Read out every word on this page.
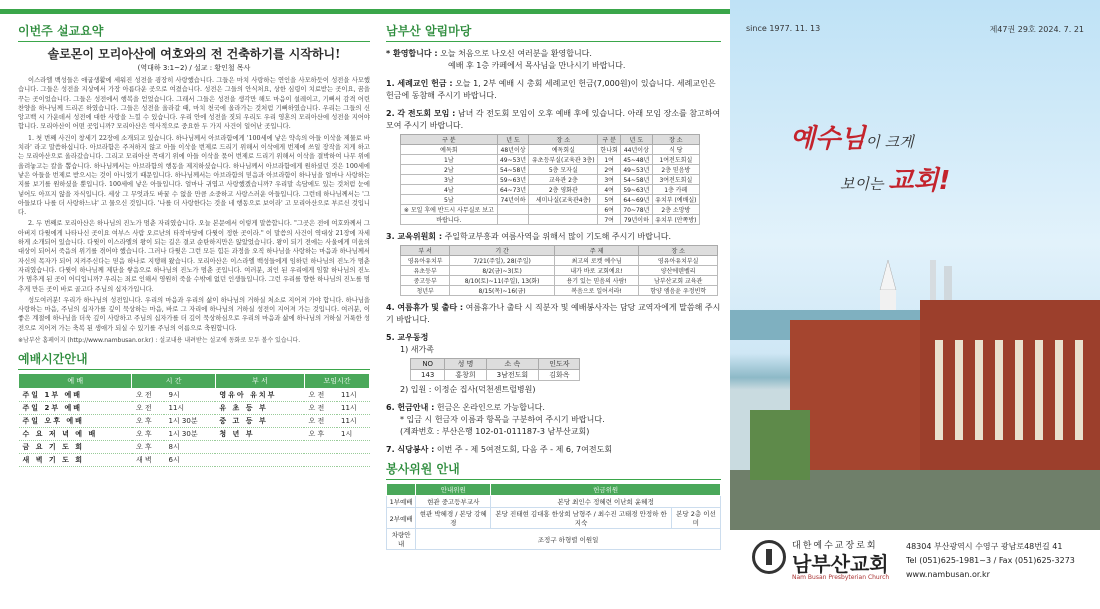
이번주 설교요약
솔로몬이 모리아산에 여호와의 전 건축하기를 시작하니!
(역대하 3:1~2) / 설교 : 황인철 목사

이스라엘 백성들은 애굽생활에 세워진 성전을 굉장히 사랑했습니다. 그들은 마치 사랑하는 연인을 사모하듯이 성전을 사모했습니다. 그들은 성전을 지상에서 가장 아름다운 곳으로 여겼습니다. 성전은 그들의 안식처요, 상한 심령이 치료받는 곳이요, 꿈을 꾸는 곳이었습니다. 그들은 성전에서 행복을 얻었습니다. 그래서 그들은 성전을 생각만 해도 마음이 설레이고, 기뻐서 감격 어린 찬양을 하나님께 드리곤 하였습니다. 그들은 성전을 올라갈 때, 마치 천국에 올라가는 것처럼 기뻐하였습니다. 우리는 그들의 신앙고백 시 가운데서 성전에 대한 사랑을 느낄 수 있습니다. 우리 안에 성전을 짓되 우리도 우리 영혼의 모리아산에 성전을 지어야 합니다. 모리아산이 어떤 곳입니까? 모리아산은 역사적으로 중요한 두 가지 사건이 일어난 곳입니다.

1. 첫 번째 사건이 창세기 22장에 소개되고 있습니다. 하나님께서 아브라함에게 '100세에 낳은 약속의 아들 이삭을 제물로 바치라' 라고 말씀하십니다. 아브라함은 주저하지 않고 아들 이삭을 번제로 드리기 위해서 이삭에게 번제에 쓰일 장작을 지게 하고는 모리아산으로 올라갔습니다. 그리고 모리아산 꼭대기 위에 아들 이삭을 묶어 번제로 드리기 위해서 이삭을 결박하여 나무 위에 올려놓고는 칼을 뽑습니다. 하나님께서는 아브라함의 행동을 제지하셨습니다. 하나님께서 아브라함에게 원하셨던 것은 100세에 낳은 아들을 번제로 받으시는 것이 아니었기 때문입니다. 하나님께서는 아브라함의 믿음과 아브라함이 하나님을 얼마나 사랑하는지를 보기를 원하셨을 뿐입니다. 100세에 낳은 아들입니다. 얼마나 귀엽고 사랑했겠습니까? 우리말 속담에도 있는 것처럼 눈에 넣어도 아프지 않을 자식입니다. 세상 그 무엇과도 바꿀 수 없을 만큼 소중하고 사랑스러운 아들입니다. 그런데 하나님께서는 '그 아들보다 나를 더 사랑하느냐' 고 물으신 것입니다. '나를 더 사랑한다는 것을 네 행동으로 보이라' 고 모리아산으로 부르신 것입니다.

2. 두 번째로 모리아산은 하나님의 진노가 멈춘 자리였습니다. 오늘 본문에서 이렇게 말씀합니다. "그곳은 전에 여호와께서 그 아버지 다윗에게 나타나신 곳이요 여부스 사람 오르난의 타작마당에 다윗이 정한 곳이라." 이 말씀의 사건이 역대상 21장에 자세하게 소개되어 있습니다. 다윗이 이스라엘의 왕이 되는 길은 결코 순탄하지만은 않았었습니다. 왕이 되기 전에는 사울에게 미움의 대상이 되어서 죽음의 위기를 겪어야 했습니다. 그러나 다윗은 그런 모든 힘든 과정을 오직 하나님을 사랑하는 마음과 하나님께서 자신의 목자가 되어 지켜주신다는 믿음 하나로 지탱해 왔습니다. 모리아산은 이스라엘 백성들에게 임하던 하나님의 진노가 멈춘 자리였습니다. 다윗이 하나님께 제단을 쌓음으로 하나님의 진노가 멈춘 곳입니다. 여러분, 죄인 된 우리에게 임할 하나님의 진노가 멈추게 된 곳이 어디입니까? 우리는 죄로 인해서 영원히 죽을 수밖에 없던 인생들입니다. 그런 우리를 향한 하나님의 진노를 멈추게 만든 곳이 바로 골고다 주님의 십자가입니다.

성도여러분! 우리가 하나님의 성전입니다. 우리의 마음과 우리의 삶이 하나님의 거하실 처소로 지어져 가야 합니다. 하나님을 사랑하는 마음, 주님의 십자가를 깊이 묵상하는 마음, 바로 그 자리에 하나님의 거하실 성전이 지어져 가는 것입니다. 여러분, 이 좋은 계절에 하나님을 더욱 깊이 사랑하고 주님의 십자가를 더 깊이 묵상하심으로 우리의 마음과 삶에 하나님의 거하실 거룩한 성전으로 지어져 가는 축복 된 생애가 되실 수 있기를 주님의 이름으로 축원합니다.

※남부산 홈페이지 (http://www.nambusan.or.kr) : 설교내용 내려받는 설교에 동화로 모두 볼수 있습니다.
예배시간안내
예 배	시 간		부 서	모임시간	
주일 1부 예배	오 전	9시	영유아 유치부	오 전	11시
주일 2부 예배	오 전	11시	유 초 등 부	오 전	11시
주일 오후 예배	오 후	1시 30분	중 고 등 부	오 전	11시
수 요 저 녁 예 배	오 후	1시 30분	청 년 부	오 후	1시
금 요 기 도 회	오 후	8시			
새 벽 기 도 회	새 벽	6시			
남부산 알림마당
* 환영합니다 : 오늘 처음으로 나오신 여러분을 환영합니다.
예배 후 1층 카페에서 목사님을 만나시기 바랍니다.
1. 세례교인 헌금 : 오늘 1, 2부 예배 시 총회 세례교인 헌금(7,000원)이 있습니다. 세례교인은 헌금에 동참해 주시기 바랍니다.
2. 각 전도회 모임 : 남녀 각 전도회 모임이 오후 예배 후에 있습니다. 아래 모임 장소를 참고하여 모여 주시기 바랍니다.
구 분	년 도	장 소	구 분	년 도	장 소
예독회	48년이상	예독회실	한나회	44년이상	식 당
1남	49~53년	유초등부실(교육관 3층)	1여	45~48년	1여전도회실
2남	54~58년	5층 모자실	2여	49~53년	2층 믿음방
3남	59~63년	교육관 2층	3여	54~58년	3여전도회실
4남	64~73년	2층 영화관	4여	59~63년	1층 카페
5남	74년이하	세미나실(교육관4층)	5여	64~69년	유치부 (예배실)
※ 모일 후에 반드시 사무실로 보고			6여	70~78년	2층 소망방
바랍니다.			7여	79년이하	유치부 (안쪽방)
3. 교육위원회 : 주일학교부흥과 여름사역을 위해서 많이 기도해 주시기 바랍니다.
부 서	기 간	주 제	장 소
영유아유치부	7/21(주일), 28(주일)	최고의 로켓 예수님	영유아유치부실
유초등부	8/2(금)~3(토)	내가 바로 교회예요!	양산에덴벨리
중고등부	8/10(토)~11(주일), 13(화)	용기 있는 믿음의 사람!	남부산교회 교육관
청년부	8/15(목)~16(금)	복음으로 일어서라!	함양 엠음윤 우정빈학
4. 여름휴가 및 출타 : 여름휴가나 출타 시 직분자 및 예배봉사자는 담당 교역자에게 말씀해 주시기 바랍니다.
5. 교우동정
1) 새가족
NO	성 명	소 속	인도자
143	홍창희	3남전도회	김화옥
2) 입원 : 이정순 집사(덕천센트럴병원)
6. 헌금안내 : 헌금은 온라인으로 가능합니다.
* 입금 시 헌금자 이름과 항목을 구분하여 주시기 바랍니다.
(계좌번호 : 부산은행 102-01-011187-3 남부산교회)
7. 식당봉사 : 이번 주 - 제 5여전도회, 다음 주 - 제 6, 7여전도회
봉사위원 안내
	안내위원	헌금위원	
1부예배	현관 중고등부교사	본당 최인수 정혜련 이난희 윤혜정	
2부예배	현관 박혜경 / 본당 강혜경	본당 진태현 김대홍 한상희 남형주 / 최수진 고태경 안정하 한지숙	본당 2층 이선미
차량안내	조정구 하형렬 이원일		
since 1977. 11. 13	제47권 29호 2024. 7. 21
예수님이 크게
보이는 교회!
대한예수교장로회
남부산교회
Nam Busan Presbyterian Church
48304 부산광역시 수영구 광남로48번길 41
Tel (051)625-1981~3 / Fax (051)625-3273
www.nambusan.or.kr
